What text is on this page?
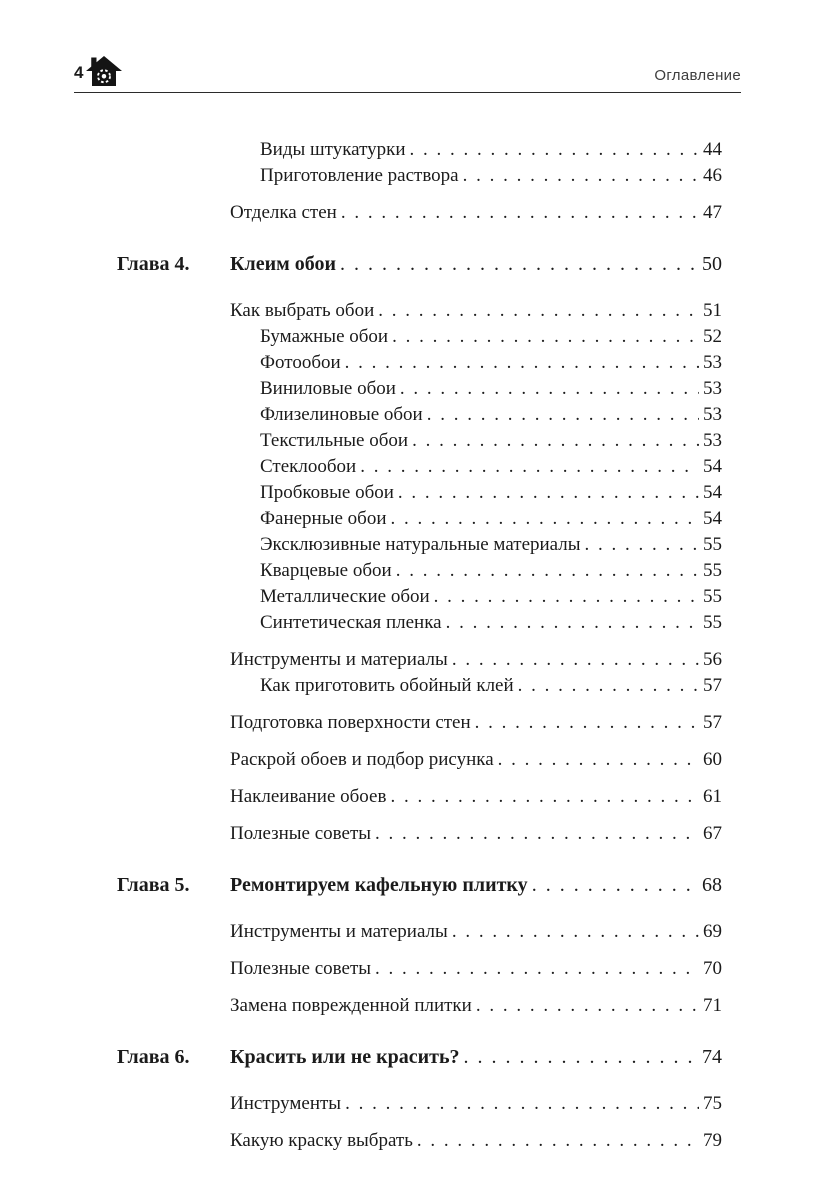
4	Оглавление
Виды штукатурки . . .	44
Приготовление раствора . . .	46
Отделка стен . . .	47
Глава 4.	Клеим обои . . .	50
Как выбрать обои . . .	51
Бумажные обои . . .	52
Фотообои . . .	53
Виниловые обои . . .	53
Флизелиновые обои . . .	53
Текстильные обои . . .	53
Стеклообои . . .	54
Пробковые обои . . .	54
Фанерные обои . . .	54
Эксклюзивные натуральные материалы . . .	55
Кварцевые обои . . .	55
Металлические обои . . .	55
Синтетическая пленка . . .	55
Инструменты и материалы . . .	56
Как приготовить обойный клей . . .	57
Подготовка поверхности стен . . .	57
Раскрой обоев и подбор рисунка . . .	60
Наклеивание обоев . . .	61
Полезные советы . . .	67
Глава 5.	Ремонтируем кафельную плитку . . .	68
Инструменты и материалы . . .	69
Полезные советы . . .	70
Замена поврежденной плитки . . .	71
Глава 6.	Красить или не красить? . . .	74
Инструменты . . .	75
Какую краску выбрать . . .	79
